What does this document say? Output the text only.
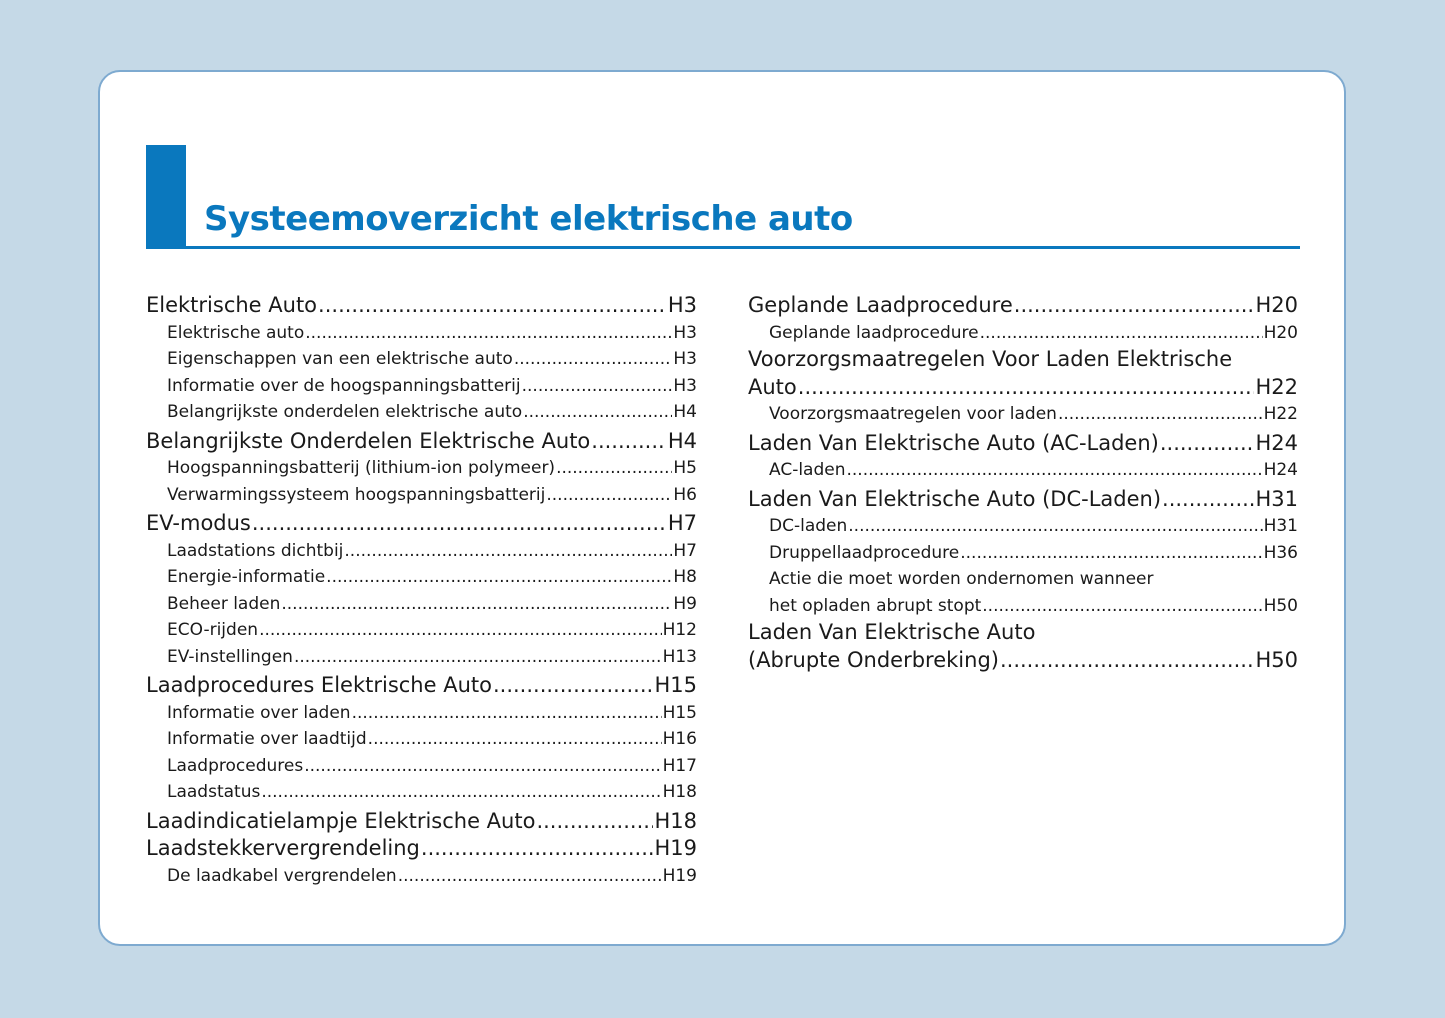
Systeemoverzicht elektrische auto
Elektrische Auto .....	H3
Elektrische auto .....	H3
Eigenschappen van een elektrische auto .....	H3
Informatie over de hoogspanningsbatterij .....	H3
Belangrijkste onderdelen elektrische auto .....	H4
Belangrijkste Onderdelen Elektrische Auto .....	H4
Hoogspanningsbatterij (lithium-ion polymeer) .....	H5
Verwarmingssysteem hoogspanningsbatterij .....	H6
EV-modus .....	H7
Laadstations dichtbij .....	H7
Energie-informatie .....	H8
Beheer laden .....	H9
ECO-rijden .....	H12
EV-instellingen .....	H13
Laadprocedures Elektrische Auto .....	H15
Informatie over laden .....	H15
Informatie over laadtijd .....	H16
Laadprocedures .....	H17
Laadstatus .....	H18
Laadindicatielampje Elektrische Auto .....	H18
Laadstekkervergrendeling .....	H19
De laadkabel vergrendelen .....	H19
Geplande Laadprocedure .....	H20
Geplande laadprocedure .....	H20
Voorzorgsmaatregelen Voor Laden Elektrische
Auto .....	H22
Voorzorgsmaatregelen voor laden .....	H22
Laden Van Elektrische Auto (AC-Laden) .....	H24
AC-laden .....	H24
Laden Van Elektrische Auto (DC-Laden) .....	H31
DC-laden .....	H31
Druppellaadprocedure .....	H36
Actie die moet worden ondernomen wanneer
het opladen abrupt stopt .....	H50
Laden Van Elektrische Auto
(Abrupte Onderbreking) .....	H50
